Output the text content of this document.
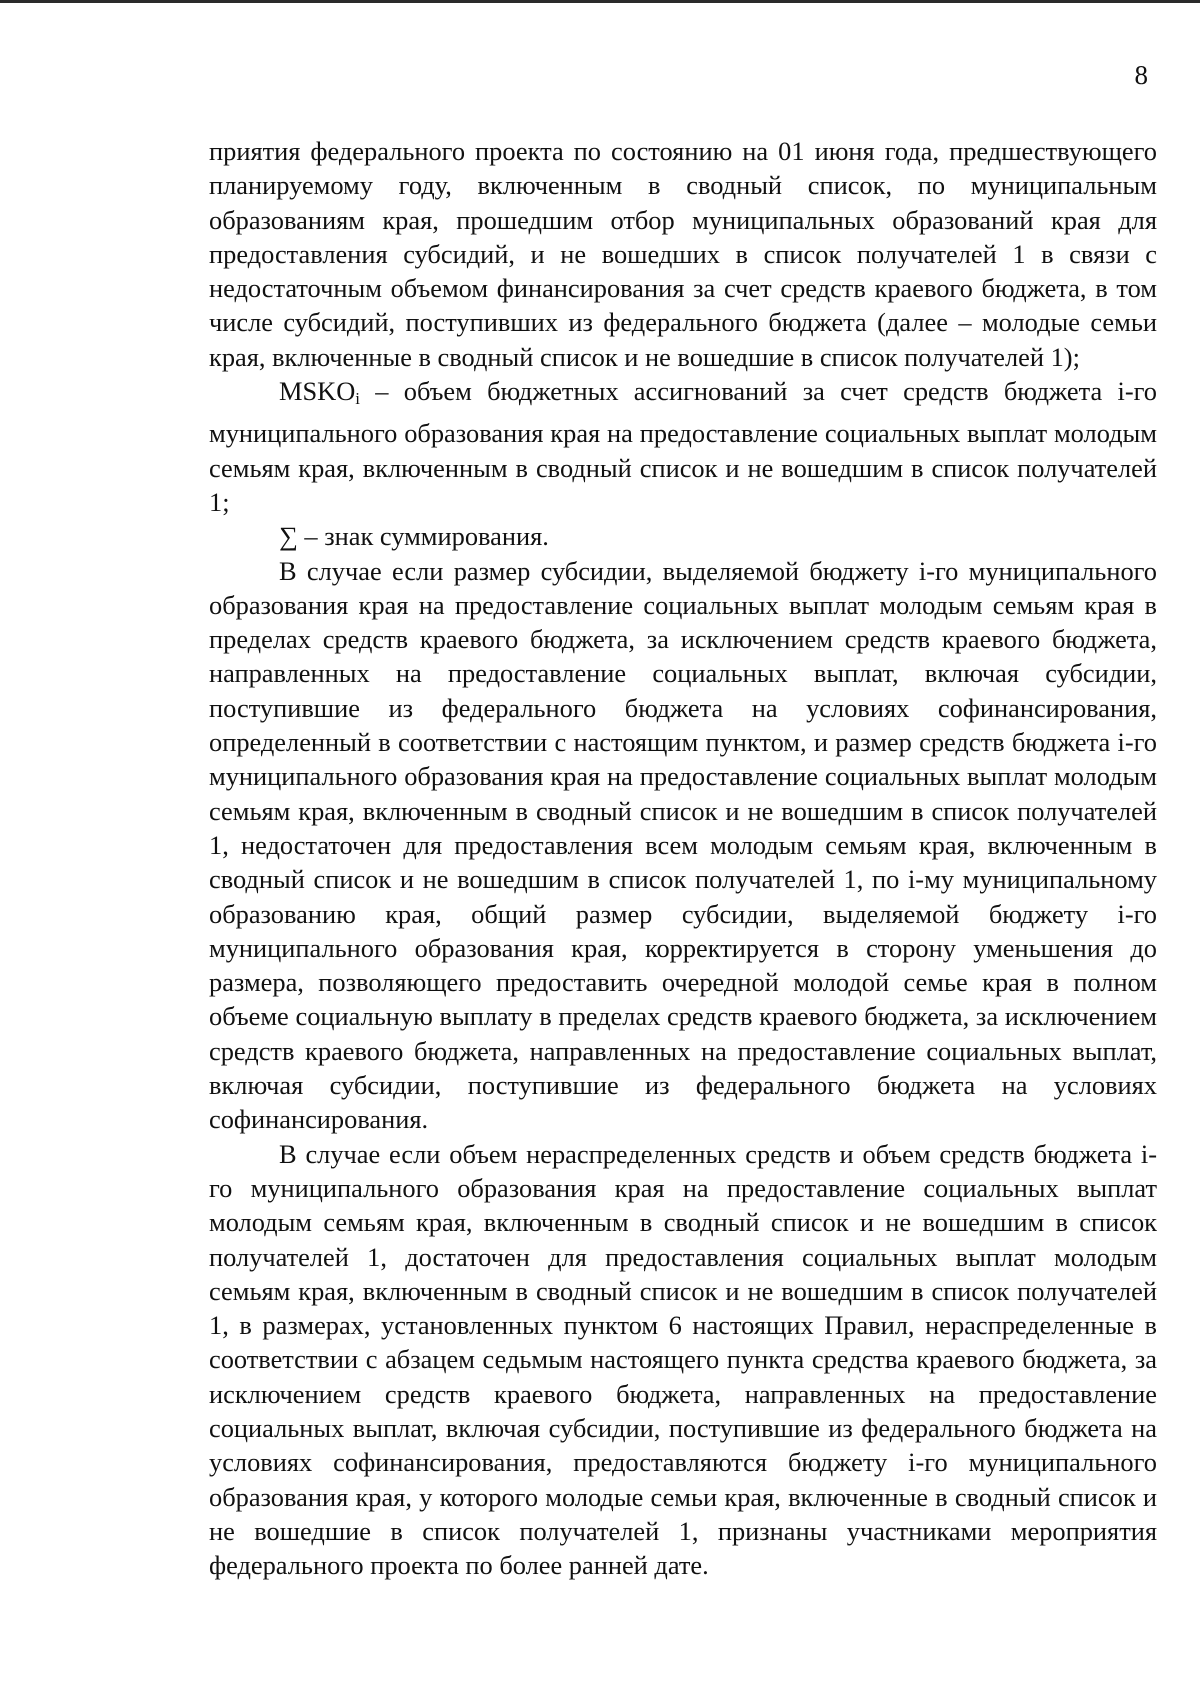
8

приятия федерального проекта по состоянию на 01 июня года, предшествующего планируемому году, включенным в сводный список, по муниципальным образованиям края, прошедшим отбор муниципальных образований края для предоставления субсидий, и не вошедших в список получателей 1 в связи с недостаточным объемом финансирования за счет средств краевого бюджета, в том числе субсидий, поступивших из федерального бюджета (далее – молодые семьи края, включенные в сводный список и не вошедшие в список получателей 1);

$MSKO_i$ – объем бюджетных ассигнований за счет средств бюджета i-го муниципального образования края на предоставление социальных выплат молодым семьям края, включенным в сводный список и не вошедшим в список получателей 1;

∑ – знак суммирования.

В случае если размер субсидии, выделяемой бюджету i-го муниципального образования края на предоставление социальных выплат молодым семьям края в пределах средств краевого бюджета, за исключением средств краевого бюджета, направленных на предоставление социальных выплат, включая субсидии, поступившие из федерального бюджета на условиях софинансирования, определенный в соответствии с настоящим пунктом, и размер средств бюджета i-го муниципального образования края на предоставление социальных выплат молодым семьям края, включенным в сводный список и не вошедшим в список получателей 1, недостаточен для предоставления всем молодым семьям края, включенным в сводный список и не вошедшим в список получателей 1, по i-му муниципальному образованию края, общий размер субсидии, выделяемой бюджету i-го муниципального образования края, корректируется в сторону уменьшения до размера, позволяющего предоставить очередной молодой семье края в полном объеме социальную выплату в пределах средств краевого бюджета, за исключением средств краевого бюджета, направленных на предоставление социальных выплат, включая субсидии, поступившие из федерального бюджета на условиях софинансирования.

В случае если объем нераспределенных средств и объем средств бюджета i-го муниципального образования края на предоставление социальных выплат молодым семьям края, включенным в сводный список и не вошедшим в список получателей 1, достаточен для предоставления социальных выплат молодым семьям края, включенным в сводный список и не вошедшим в список получателей 1, в размерах, установленных пунктом 6 настоящих Правил, нераспределенные в соответствии с абзацем седьмым настоящего пункта средства краевого бюджета, за исключением средств краевого бюджета, направленных на предоставление социальных выплат, включая субсидии, поступившие из федерального бюджета на условиях софинансирования, предоставляются бюджету i-го муниципального образования края, у которого молодые семьи края, включенные в сводный список и не вошедшие в список получателей 1, признаны участниками мероприятия федерального проекта по более ранней дате.
